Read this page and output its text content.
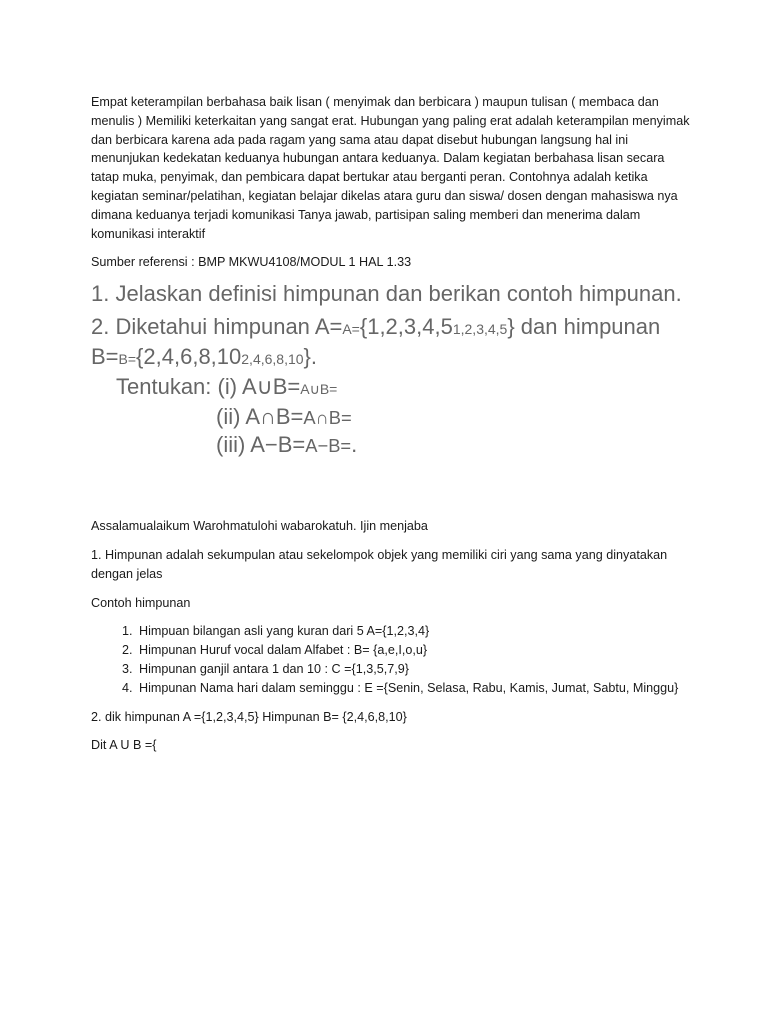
Empat keterampilan berbahasa baik lisan ( menyimak dan berbicara ) maupun tulisan ( membaca dan menulis ) Memiliki keterkaitan yang sangat erat. Hubungan yang paling erat adalah keterampilan menyimak dan berbicara karena ada pada ragam yang sama atau dapat disebut hubungan langsung hal ini menunjukan kedekatan keduanya hubungan antara keduanya. Dalam kegiatan berbahasa lisan secara tatap muka, penyimak, dan pembicara dapat bertukar atau berganti peran. Contohnya adalah ketika kegiatan seminar/pelatihan, kegiatan belajar dikelas atara guru dan siswa/ dosen dengan mahasiswa nya dimana keduanya terjadi komunikasi Tanya jawab, partisipan saling memberi dan menerima dalam komunikasi interaktif

Sumber referensi : BMP MKWU4108/MODUL 1 HAL 1.33

1. Jelaskan definisi himpunan dan berikan contoh himpunan.

2. Diketahui himpunan A=A={1,2,3,4,51,2,3,4,5} dan himpunan B=B={2,4,6,8,102,4,6,8,10}.

Tentukan: (i) A∪B=A∪B=

(ii) A∩B=A∩B=

(iii) A−B=A−B=.

Assalamualaikum Warohmatulohi wabarokatuh. Ijin menjaba

1. Himpunan adalah sekumpulan atau sekelompok objek yang memiliki ciri yang sama yang dinyatakan dengan jelas

Contoh himpunan

1. Himpuan bilangan asli yang kuran dari 5 A={1,2,3,4}
2. Himpunan Huruf vocal dalam Alfabet : B= {a,e,I,o,u}
3. Himpunan ganjil antara 1 dan 10 : C ={1,3,5,7,9}
4. Himpunan Nama hari dalam seminggu : E ={Senin, Selasa, Rabu, Kamis, Jumat, Sabtu, Minggu}

2. dik himpunan A ={1,2,3,4,5} Himpunan B= {2,4,6,8,10}

Dit A U B ={
